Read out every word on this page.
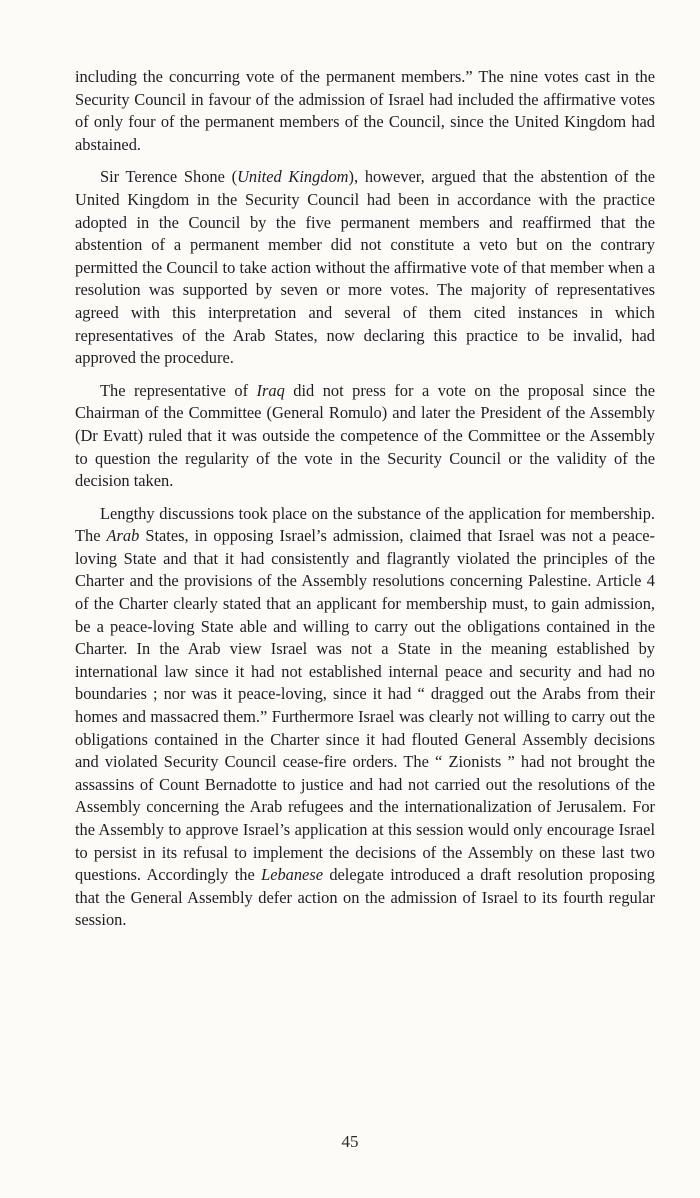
including the concurring vote of the permanent members.” The nine votes cast in the Security Council in favour of the admission of Israel had included the affirmative votes of only four of the permanent members of the Council, since the United Kingdom had abstained.

Sir Terence Shone (United Kingdom), however, argued that the abstention of the United Kingdom in the Security Council had been in accordance with the practice adopted in the Council by the five permanent members and reaffirmed that the abstention of a permanent member did not constitute a veto but on the contrary permitted the Council to take action without the affirmative vote of that member when a resolution was supported by seven or more votes. The majority of representatives agreed with this interpretation and several of them cited instances in which representatives of the Arab States, now declaring this practice to be invalid, had approved the procedure.

The representative of Iraq did not press for a vote on the proposal since the Chairman of the Committee (General Romulo) and later the President of the Assembly (Dr Evatt) ruled that it was outside the competence of the Committee or the Assembly to question the regularity of the vote in the Security Council or the validity of the decision taken.

Lengthy discussions took place on the substance of the application for membership. The Arab States, in opposing Israel’s admission, claimed that Israel was not a peace-loving State and that it had consistently and flagrantly violated the principles of the Charter and the provisions of the Assembly resolutions concerning Palestine. Article 4 of the Charter clearly stated that an applicant for membership must, to gain admission, be a peace-loving State able and willing to carry out the obligations contained in the Charter. In the Arab view Israel was not a State in the meaning established by international law since it had not established internal peace and security and had no boundaries ; nor was it peace-loving, since it had “ dragged out the Arabs from their homes and massacred them.” Furthermore Israel was clearly not willing to carry out the obligations contained in the Charter since it had flouted General Assembly decisions and violated Security Council cease-fire orders. The “ Zionists ” had not brought the assassins of Count Bernadotte to justice and had not carried out the resolutions of the Assembly concerning the Arab refugees and the internationalization of Jerusalem. For the Assembly to approve Israel’s application at this session would only encourage Israel to persist in its refusal to implement the decisions of the Assembly on these last two questions. Accordingly the Lebanese delegate introduced a draft resolution proposing that the General Assembly defer action on the admission of Israel to its fourth regular session.

45
